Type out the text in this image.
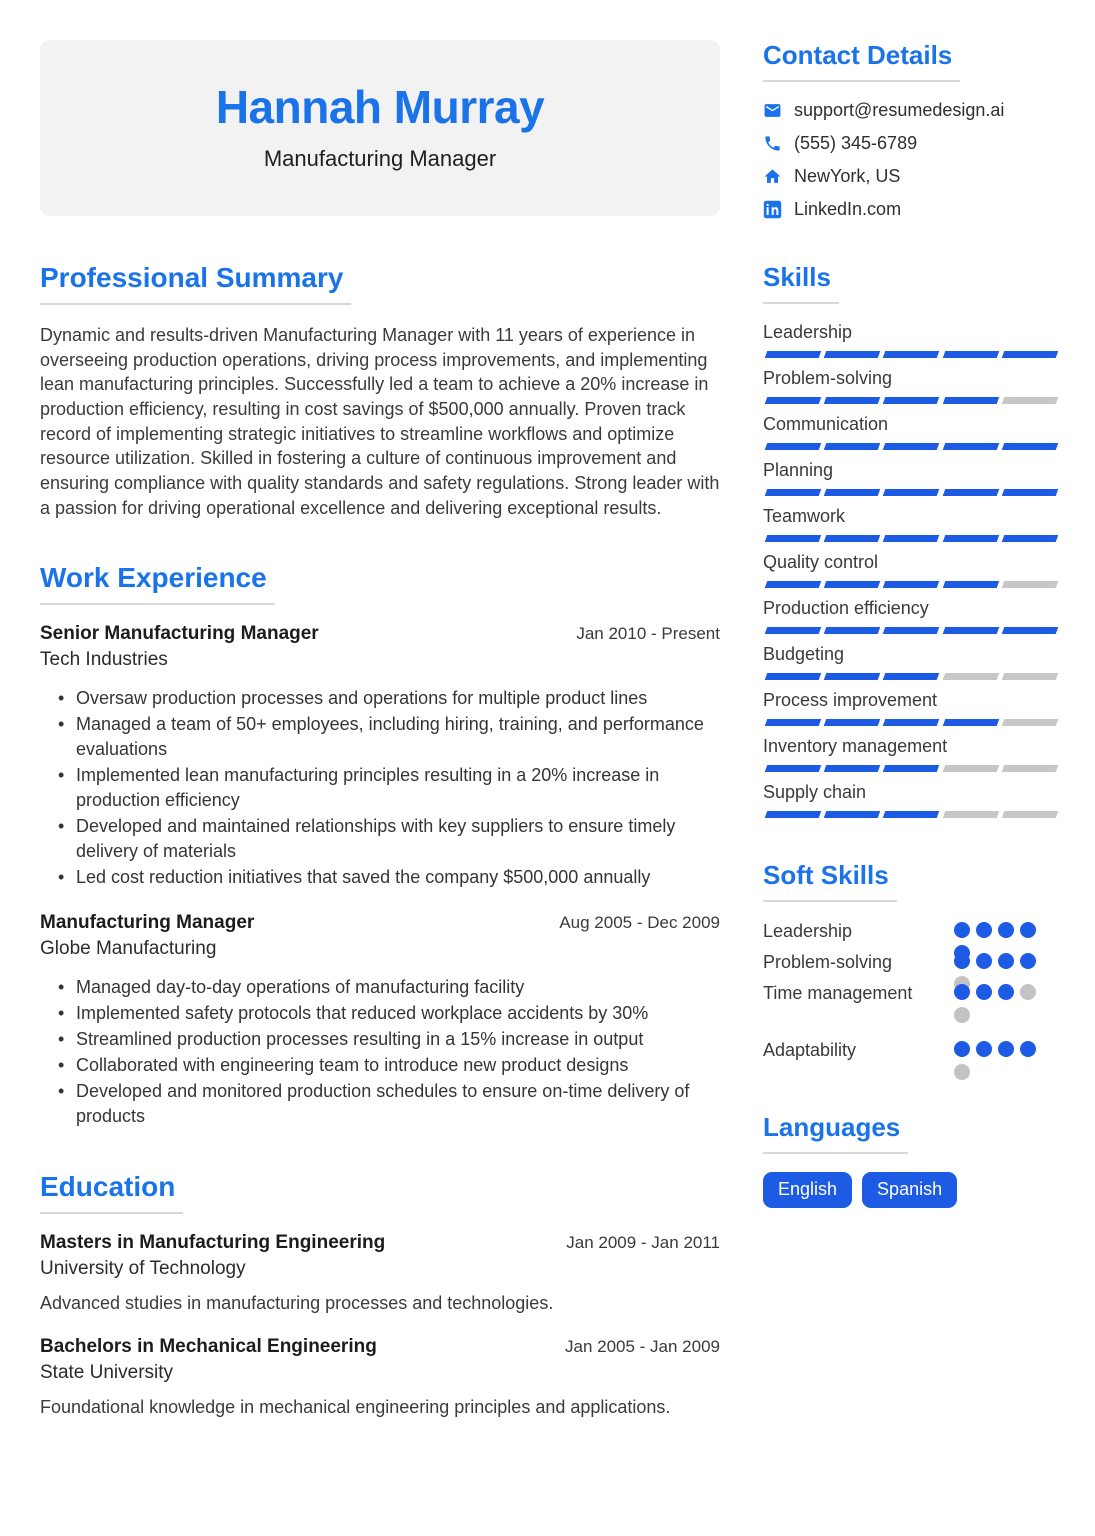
Hannah Murray
Manufacturing Manager
Professional Summary

Dynamic and results-driven Manufacturing Manager with 11 years of experience in overseeing production operations, driving process improvements, and implementing lean manufacturing principles. Successfully led a team to achieve a 20% increase in production efficiency, resulting in cost savings of $500,000 annually. Proven track record of implementing strategic initiatives to streamline workflows and optimize resource utilization. Skilled in fostering a culture of continuous improvement and ensuring compliance with quality standards and safety regulations. Strong leader with a passion for driving operational excellence and delivering exceptional results.

Work Experience
Senior Manufacturing Manager	Jan 2010 - Present
Tech Industries
• Oversaw production processes and operations for multiple product lines
• Managed a team of 50+ employees, including hiring, training, and performance evaluations
• Implemented lean manufacturing principles resulting in a 20% increase in production efficiency
• Developed and maintained relationships with key suppliers to ensure timely delivery of materials
• Led cost reduction initiatives that saved the company $500,000 annually
Manufacturing Manager	Aug 2005 - Dec 2009
Globe Manufacturing
• Managed day-to-day operations of manufacturing facility
• Implemented safety protocols that reduced workplace accidents by 30%
• Streamlined production processes resulting in a 15% increase in output
• Collaborated with engineering team to introduce new product designs
• Developed and monitored production schedules to ensure on-time delivery of products
Education
Masters in Manufacturing Engineering	Jan 2009 - Jan 2011
University of Technology

Advanced studies in manufacturing processes and technologies.

Bachelors in Mechanical Engineering	Jan 2005 - Jan 2009
State University

Foundational knowledge in mechanical engineering principles and applications.

Contact Details
support@resumedesign.ai
(555) 345-6789
NewYork, US
LinkedIn.com
Skills
Leadership
Problem-solving
Communication
Planning
Teamwork
Quality control
Production efficiency
Budgeting
Process improvement
Inventory management
Supply chain
Soft Skills
Leadership
Problem-solving
Time management
Adaptability
Languages
English	Spanish
